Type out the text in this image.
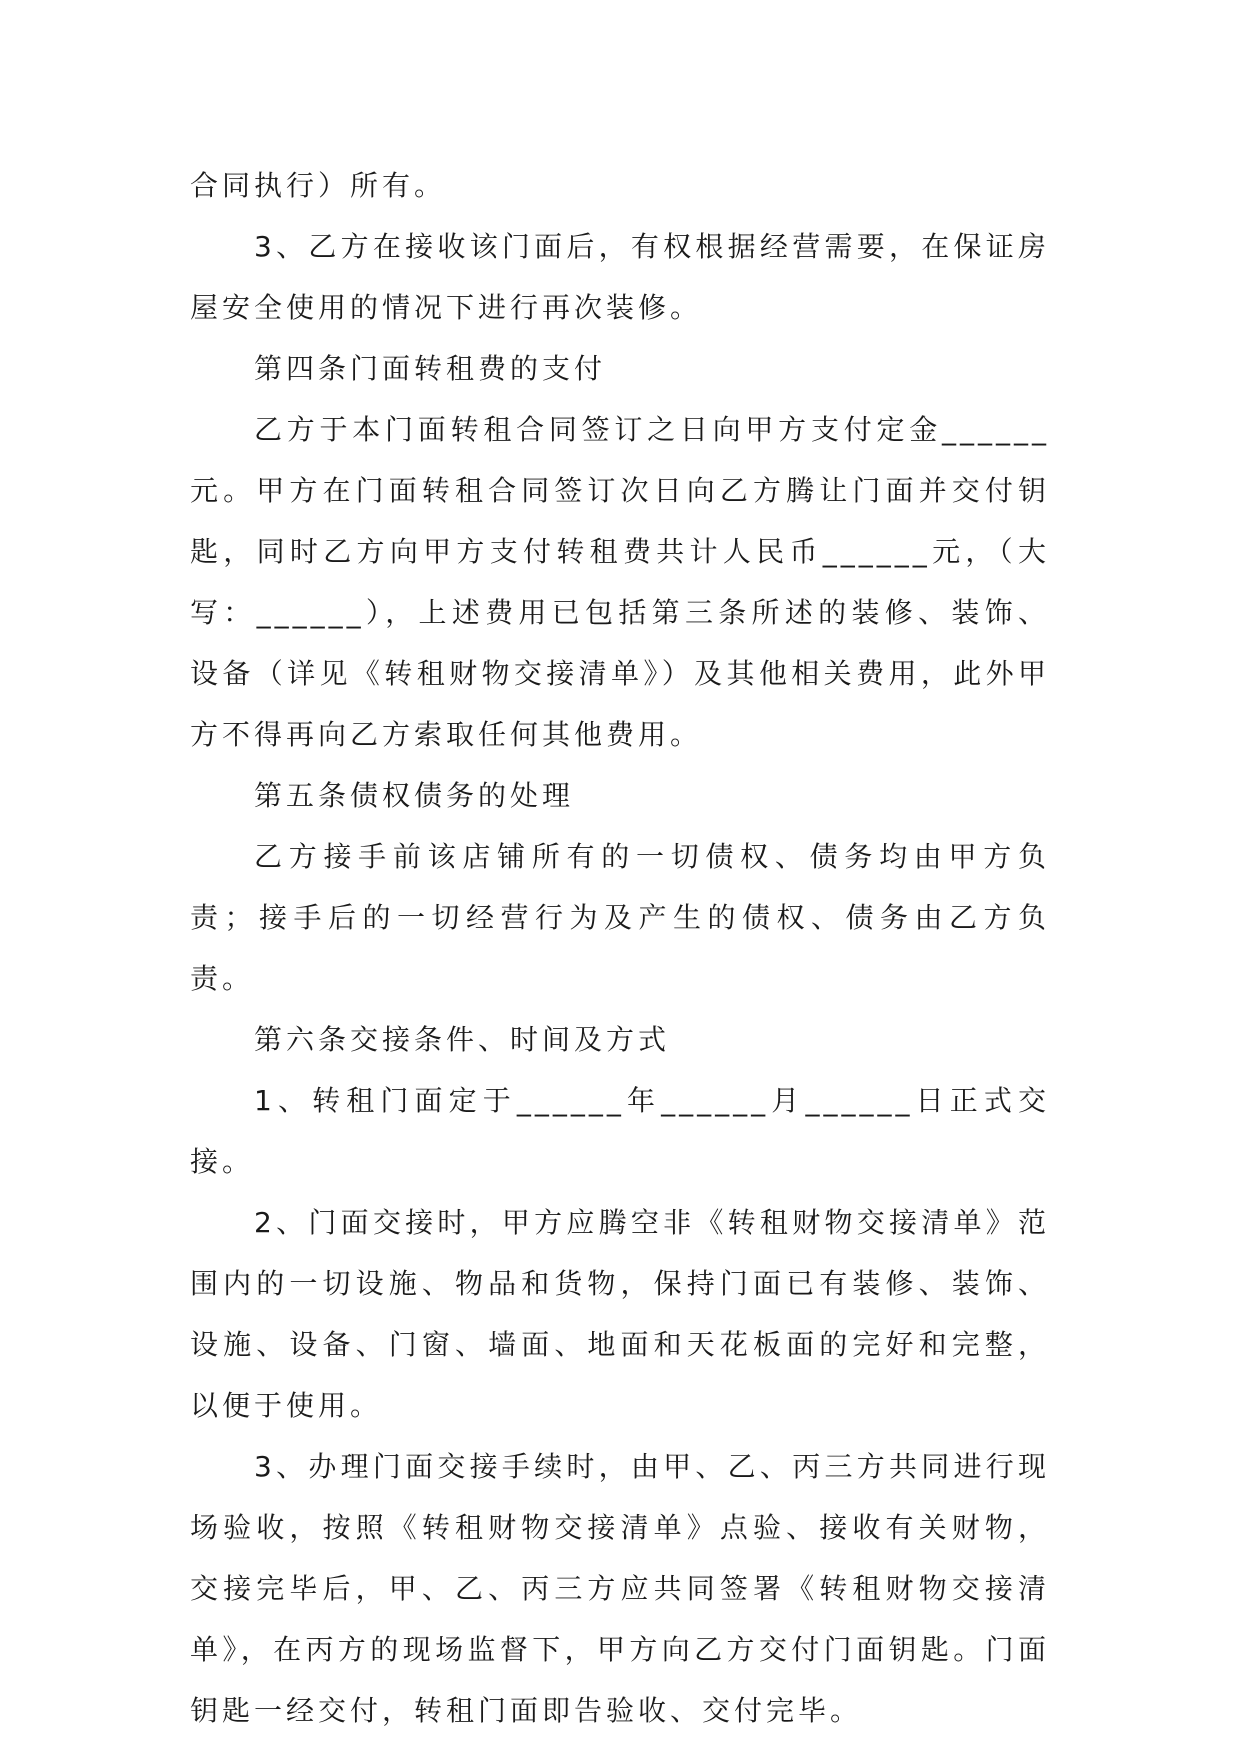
合同执行）所有。

3、乙方在接收该门面后，有权根据经营需要，在保证房屋安全使用的情况下进行再次装修。

第四条门面转租费的支付

乙方于本门面转租合同签订之日向甲方支付定金______元。甲方在门面转租合同签订次日向乙方腾让门面并交付钥匙，同时乙方向甲方支付转租费共计人民币______元，（大写：______），上述费用已包括第三条所述的装修、装饰、设备（详见《转租财物交接清单》）及其他相关费用，此外甲方不得再向乙方索取任何其他费用。

第五条债权债务的处理

乙方接手前该店铺所有的一切债权、债务均由甲方负责；接手后的一切经营行为及产生的债权、债务由乙方负责。

第六条交接条件、时间及方式

1、转租门面定于______年______月______日正式交接。

2、门面交接时，甲方应腾空非《转租财物交接清单》范围内的一切设施、物品和货物，保持门面已有装修、装饰、设施、设备、门窗、墙面、地面和天花板面的完好和完整，以便于使用。

3、办理门面交接手续时，由甲、乙、丙三方共同进行现场验收，按照《转租财物交接清单》点验、接收有关财物，交接完毕后，甲、乙、丙三方应共同签署《转租财物交接清单》，在丙方的现场监督下，甲方向乙方交付门面钥匙。门面钥匙一经交付，转租门面即告验收、交付完毕。
